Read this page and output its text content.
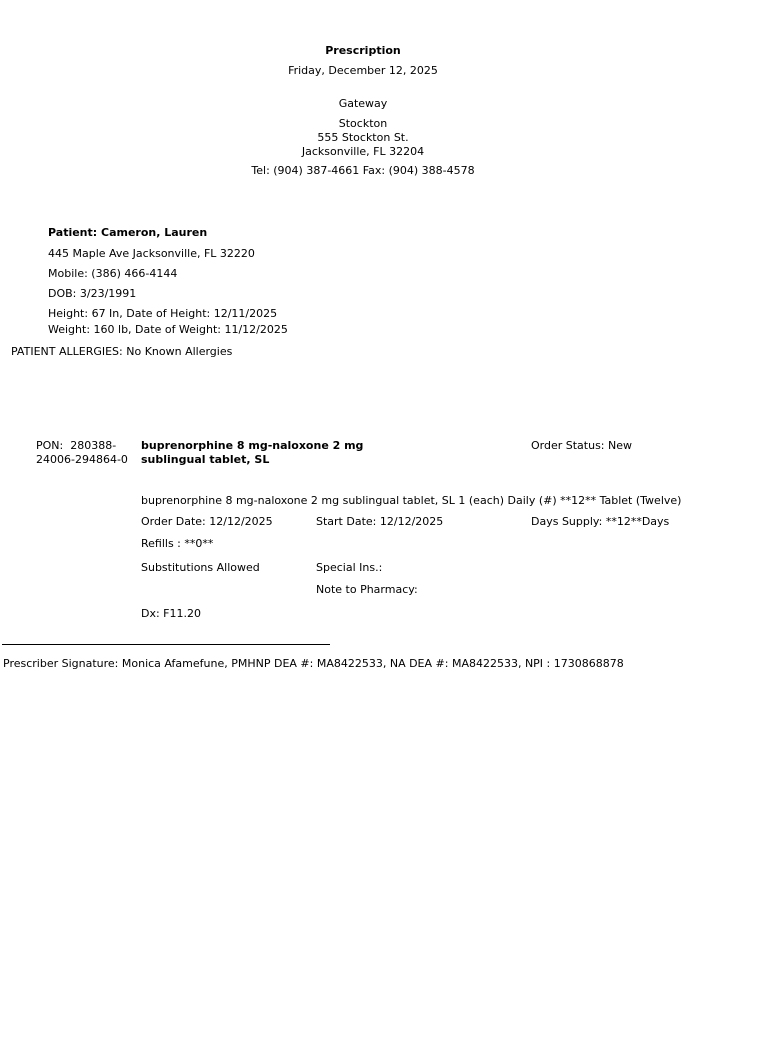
Prescription
Friday, December 12, 2025
Gateway
Stockton
555 Stockton St.
Jacksonville, FL 32204
Tel: (904) 387-4661 Fax: (904) 388-4578
Patient: Cameron, Lauren
445 Maple Ave Jacksonville, FL 32220
Mobile: (386) 466-4144
DOB: 3/23/1991
Height: 67 In, Date of Height: 12/11/2025
Weight: 160 lb, Date of Weight: 11/12/2025
PATIENT ALLERGIES: No Known Allergies
PON:  280388-24006-294864-0
buprenorphine 8 mg-naloxone 2 mg sublingual tablet, SL
Order Status: New
buprenorphine 8 mg-naloxone 2 mg sublingual tablet, SL 1 (each) Daily (#) **12** Tablet (Twelve)
Order Date: 12/12/2025	Start Date: 12/12/2025	Days Supply: **12**Days
Refills : **0**
Substitutions Allowed	Special Ins.:
Note to Pharmacy:
Dx: F11.20
Prescriber Signature: Monica Afamefune, PMHNP DEA #: MA8422533, NA DEA #: MA8422533, NPI : 1730868878
